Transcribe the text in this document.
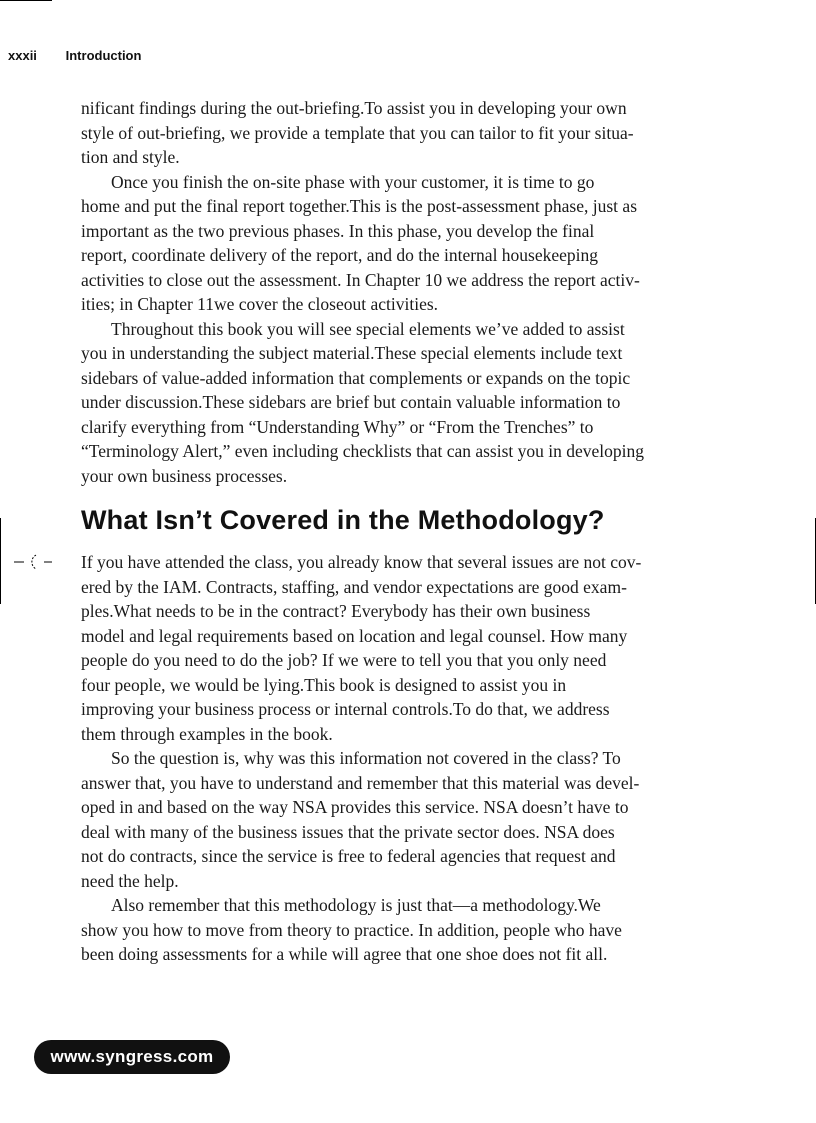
xxxii Introduction

nificant findings during the out-briefing.To assist you in developing your own
style of out-briefing, we provide a template that you can tailor to fit your situa-
tion and style.

Once you finish the on-site phase with your customer, it is time to go
home and put the final report together.This is the post-assessment phase, just as
important as the two previous phases. In this phase, you develop the final
report, coordinate delivery of the report, and do the internal housekeeping
activities to close out the assessment. In Chapter 10 we address the report activ-
ities; in Chapter 11we cover the closeout activities.

Throughout this book you will see special elements we’ve added to assist
you in understanding the subject material.These special elements include text
sidebars of value-added information that complements or expands on the topic
under discussion.These sidebars are brief but contain valuable information to
clarify everything from “Understanding Why” or “From the Trenches” to
“Terminology Alert,” even including checklists that can assist you in developing
your own business processes.

What Isn’t Covered in the Methodology?

If you have attended the class, you already know that several issues are not cov-
ered by the IAM. Contracts, staffing, and vendor expectations are good exam-
ples.What needs to be in the contract? Everybody has their own business
model and legal requirements based on location and legal counsel. How many
people do you need to do the job? If we were to tell you that you only need
four people, we would be lying.This book is designed to assist you in
improving your business process or internal controls.To do that, we address
them through examples in the book.

So the question is, why was this information not covered in the class? To
answer that, you have to understand and remember that this material was devel-
oped in and based on the way NSA provides this service. NSA doesn’t have to
deal with many of the business issues that the private sector does. NSA does
not do contracts, since the service is free to federal agencies that request and
need the help.

Also remember that this methodology is just that—a methodology.We
show you how to move from theory to practice. In addition, people who have
been doing assessments for a while will agree that one shoe does not fit all.

www.syngress.com
